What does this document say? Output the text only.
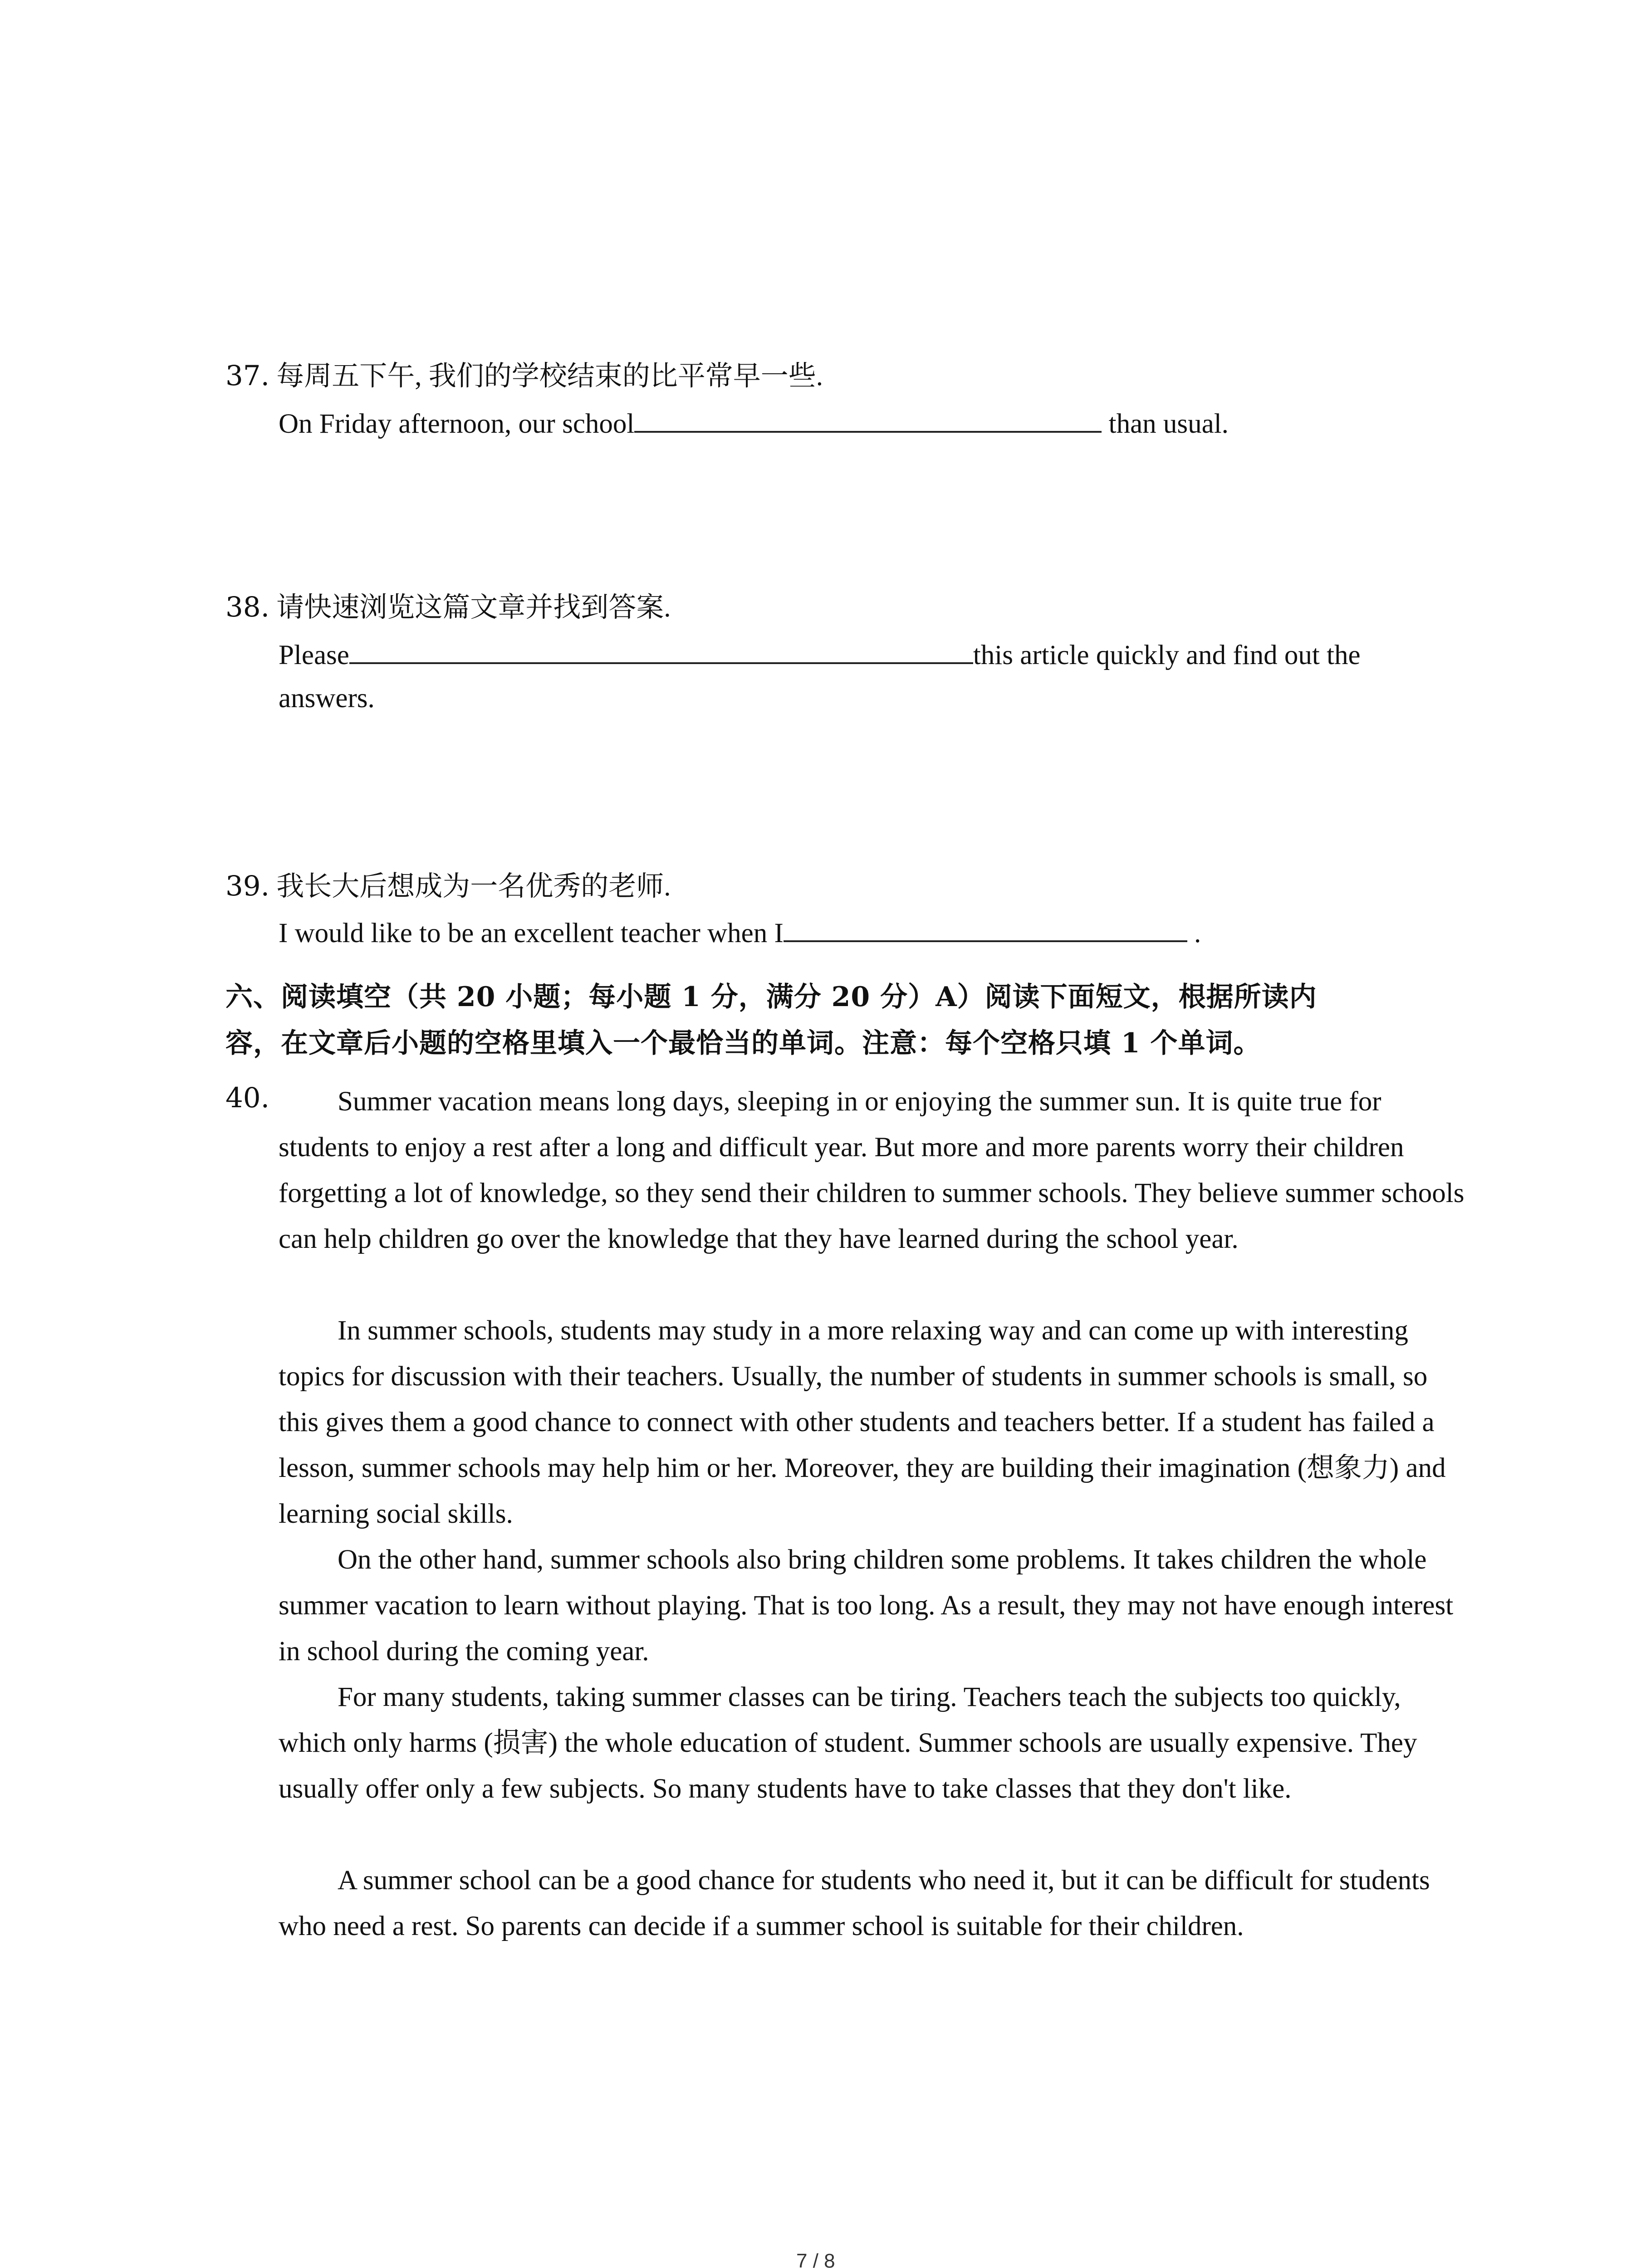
37. 每周五下午, 我们的学校结束的比平常早一些.
On Friday afternoon, our school	than usual.
38. 请快速浏览这篇文章并找到答案.
Please	this article quickly and find out the
answers.
39. 我长大后想成为一名优秀的老师.
I would like to be an excellent teacher when I	.
六、阅读填空（共 20 小题；每小题 1 分，满分 20 分）A）阅读下面短文，根据所读内
容，在文章后小题的空格里填入一个最恰当的单词。注意：每个空格只填 1 个单词。
40.	Summer vacation means long days, sleeping in or enjoying the summer sun. It is quite true for students to enjoy a rest after a long and difficult year. But more and more parents worry their children forgetting a lot of knowledge, so they send their children to summer schools. They believe summer schools can help children go over the knowledge that they have learned during the school year.
In summer schools, students may study in a more relaxing way and can come up with interesting topics for discussion with their teachers. Usually, the number of students in summer schools is small, so this gives them a good chance to connect with other students and teachers better. If a student has failed a lesson, summer schools may help him or her. Moreover, they are building their imagination (想象力) and learning social skills.
On the other hand, summer schools also bring children some problems. It takes children the whole summer vacation to learn without playing. That is too long. As a result, they may not have enough interest in school during the coming year.
For many students, taking summer classes can be tiring. Teachers teach the subjects too quickly, which only harms (损害) the whole education of student. Summer schools are usually expensive. They usually offer only a few subjects. So many students have to take classes that they don't like.
A summer school can be a good chance for students who need it, but it can be difficult for students who need a rest. So parents can decide if a summer school is suitable for their children.
7 / 8
